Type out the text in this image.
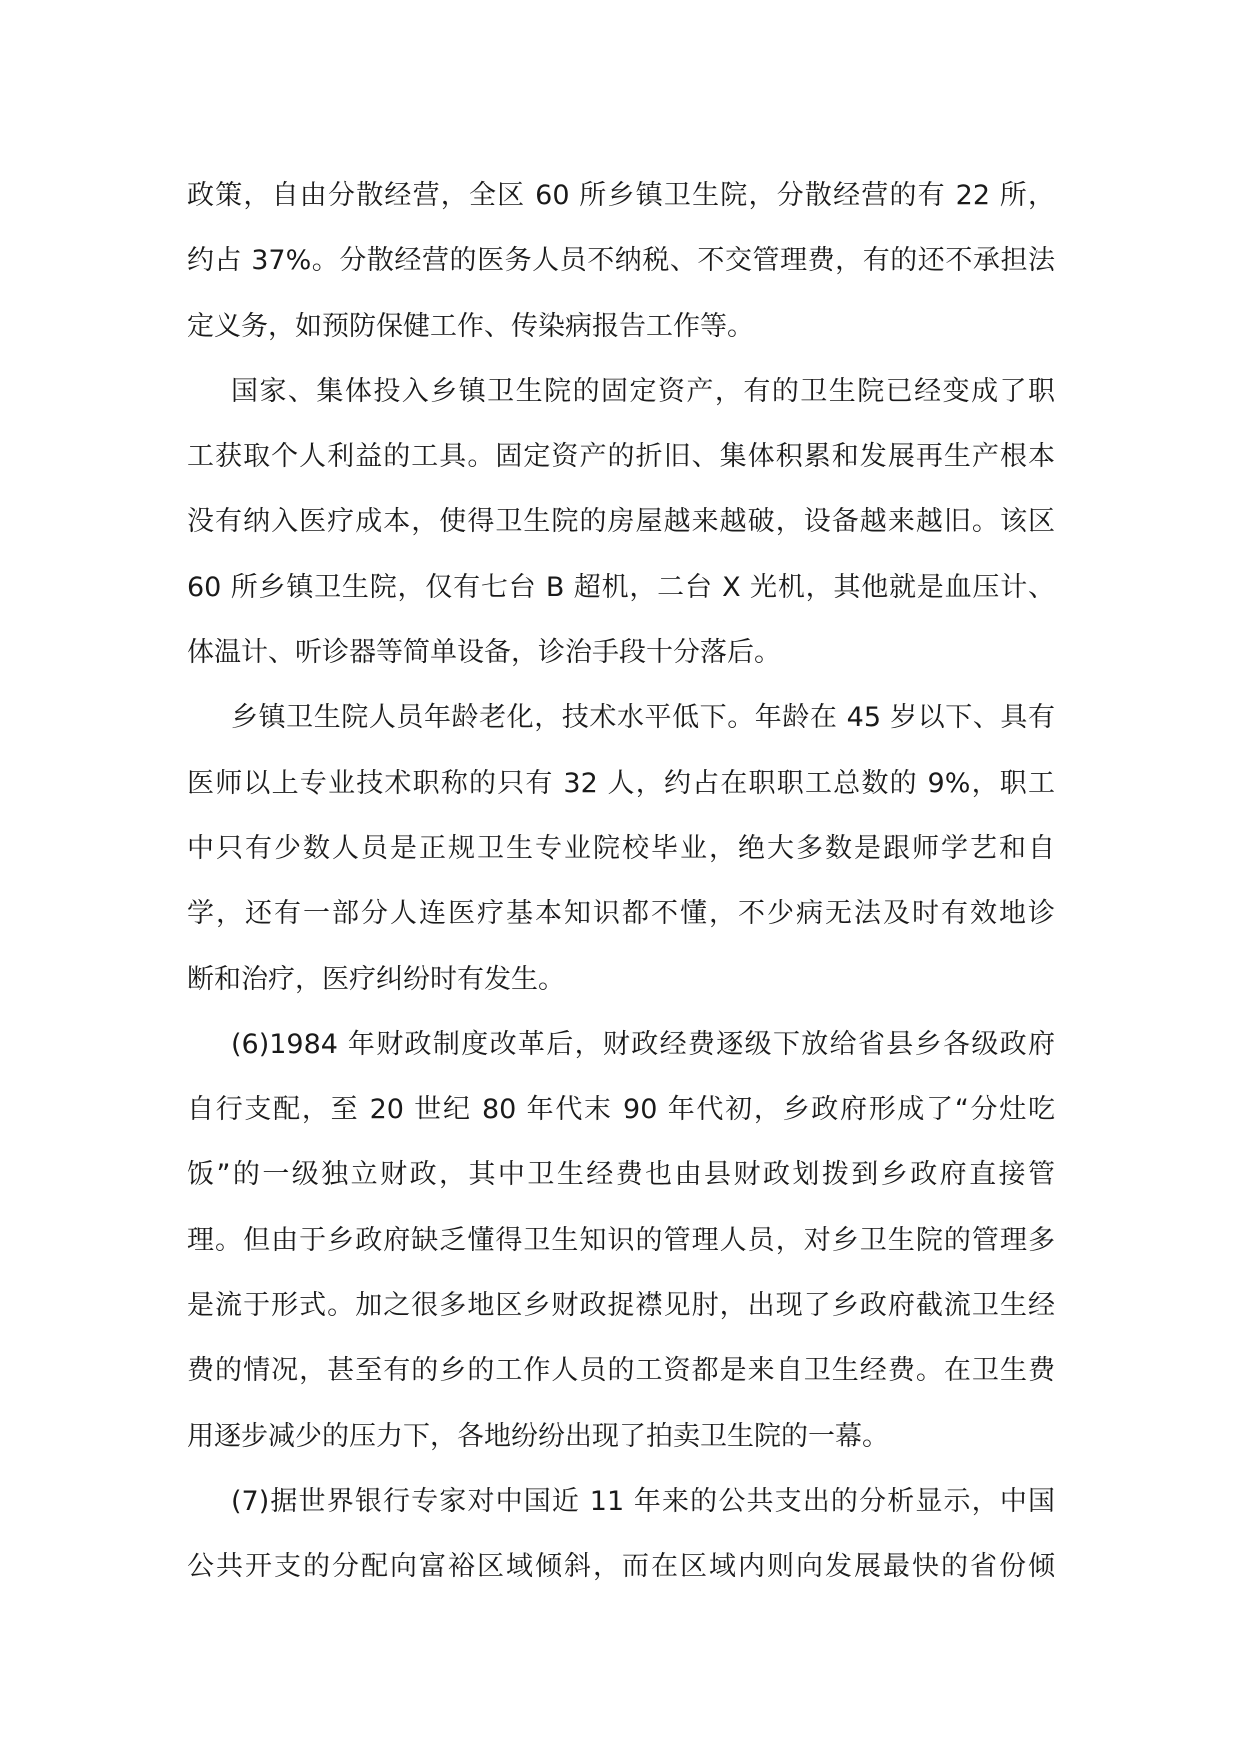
政策，自由分散经营，全区 60 所乡镇卫生院，分散经营的有 22 所，
约占 37%。分散经营的医务人员不纳税、不交管理费，有的还不承担法
定义务，如预防保健工作、传染病报告工作等。
国家、集体投入乡镇卫生院的固定资产，有的卫生院已经变成了职
工获取个人利益的工具。固定资产的折旧、集体积累和发展再生产根本
没有纳入医疗成本，使得卫生院的房屋越来越破，设备越来越旧。该区
60 所乡镇卫生院，仅有七台 B 超机，二台 X 光机，其他就是血压计、
体温计、听诊器等简单设备，诊治手段十分落后。
乡镇卫生院人员年龄老化，技术水平低下。年龄在 45 岁以下、具有
医师以上专业技术职称的只有 32 人，约占在职职工总数的 9%，职工
中只有少数人员是正规卫生专业院校毕业，绝大多数是跟师学艺和自
学，还有一部分人连医疗基本知识都不懂，不少病无法及时有效地诊
断和治疗，医疗纠纷时有发生。
(6)1984 年财政制度改革后，财政经费逐级下放给省县乡各级政府
自行支配，至 20 世纪 80 年代末 90 年代初，乡政府形成了“分灶吃
饭”的一级独立财政，其中卫生经费也由县财政划拨到乡政府直接管
理。但由于乡政府缺乏懂得卫生知识的管理人员，对乡卫生院的管理多
是流于形式。加之很多地区乡财政捉襟见肘，出现了乡政府截流卫生经
费的情况，甚至有的乡的工作人员的工资都是来自卫生经费。在卫生费
用逐步减少的压力下，各地纷纷出现了拍卖卫生院的一幕。
(7)据世界银行专家对中国近 11 年来的公共支出的分析显示，中国
公共开支的分配向富裕区域倾斜，而在区域内则向发展最快的省份倾
